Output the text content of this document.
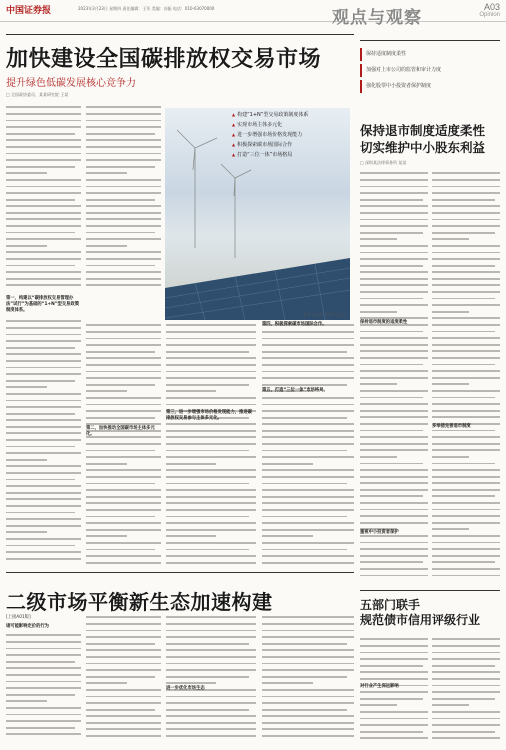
中国证券报	2023年3月23日 星期四 责任编辑：王军 美编：苏振 电话：010-63070000	观点与观察
A03
Opinion
加快建设全国碳排放权交易市场
提升绿色低碳发展核心竞争力
□ 全国政协委员、某某研究院 王某
新华社图片 制图/王某某
▲ 构建“1+N”型交易政策制度体系
▲ 实现市场主体多元化
▲ 进一步增强市场价格发现能力
▲ 积极探索碳市场国际合作
▲ 打造“三位一体”市场格局
第一，构建以“碳排放权交易管理办法”试行”为基础的“1+N”型交易政策制度体系。
第二，加快推动全国碳市场主体多元化。
第三，进一步增强市场价格发现能力，推进碳排放权交易参与主体多元化。
第四，积极探索碳市场国际合作。
第五，打造“三位一体”市场格局。
保持适度制度柔性
加强对上市公司的监管和审计力度
强化股票中小投资者保护制度
保持退市制度适度柔性
切实维护中小股东利益
□ 深圳某法律事务所 某某
保持退市制度的适度柔性
多举措完善退市制度
重视中小投资者保护
二级市场平衡新生态加速构建
[上接A01版]
诸可能影响定价的行为
进一步优化市场生态
五部门联手
规范债市信用评级行业
对行业产生深远影响
